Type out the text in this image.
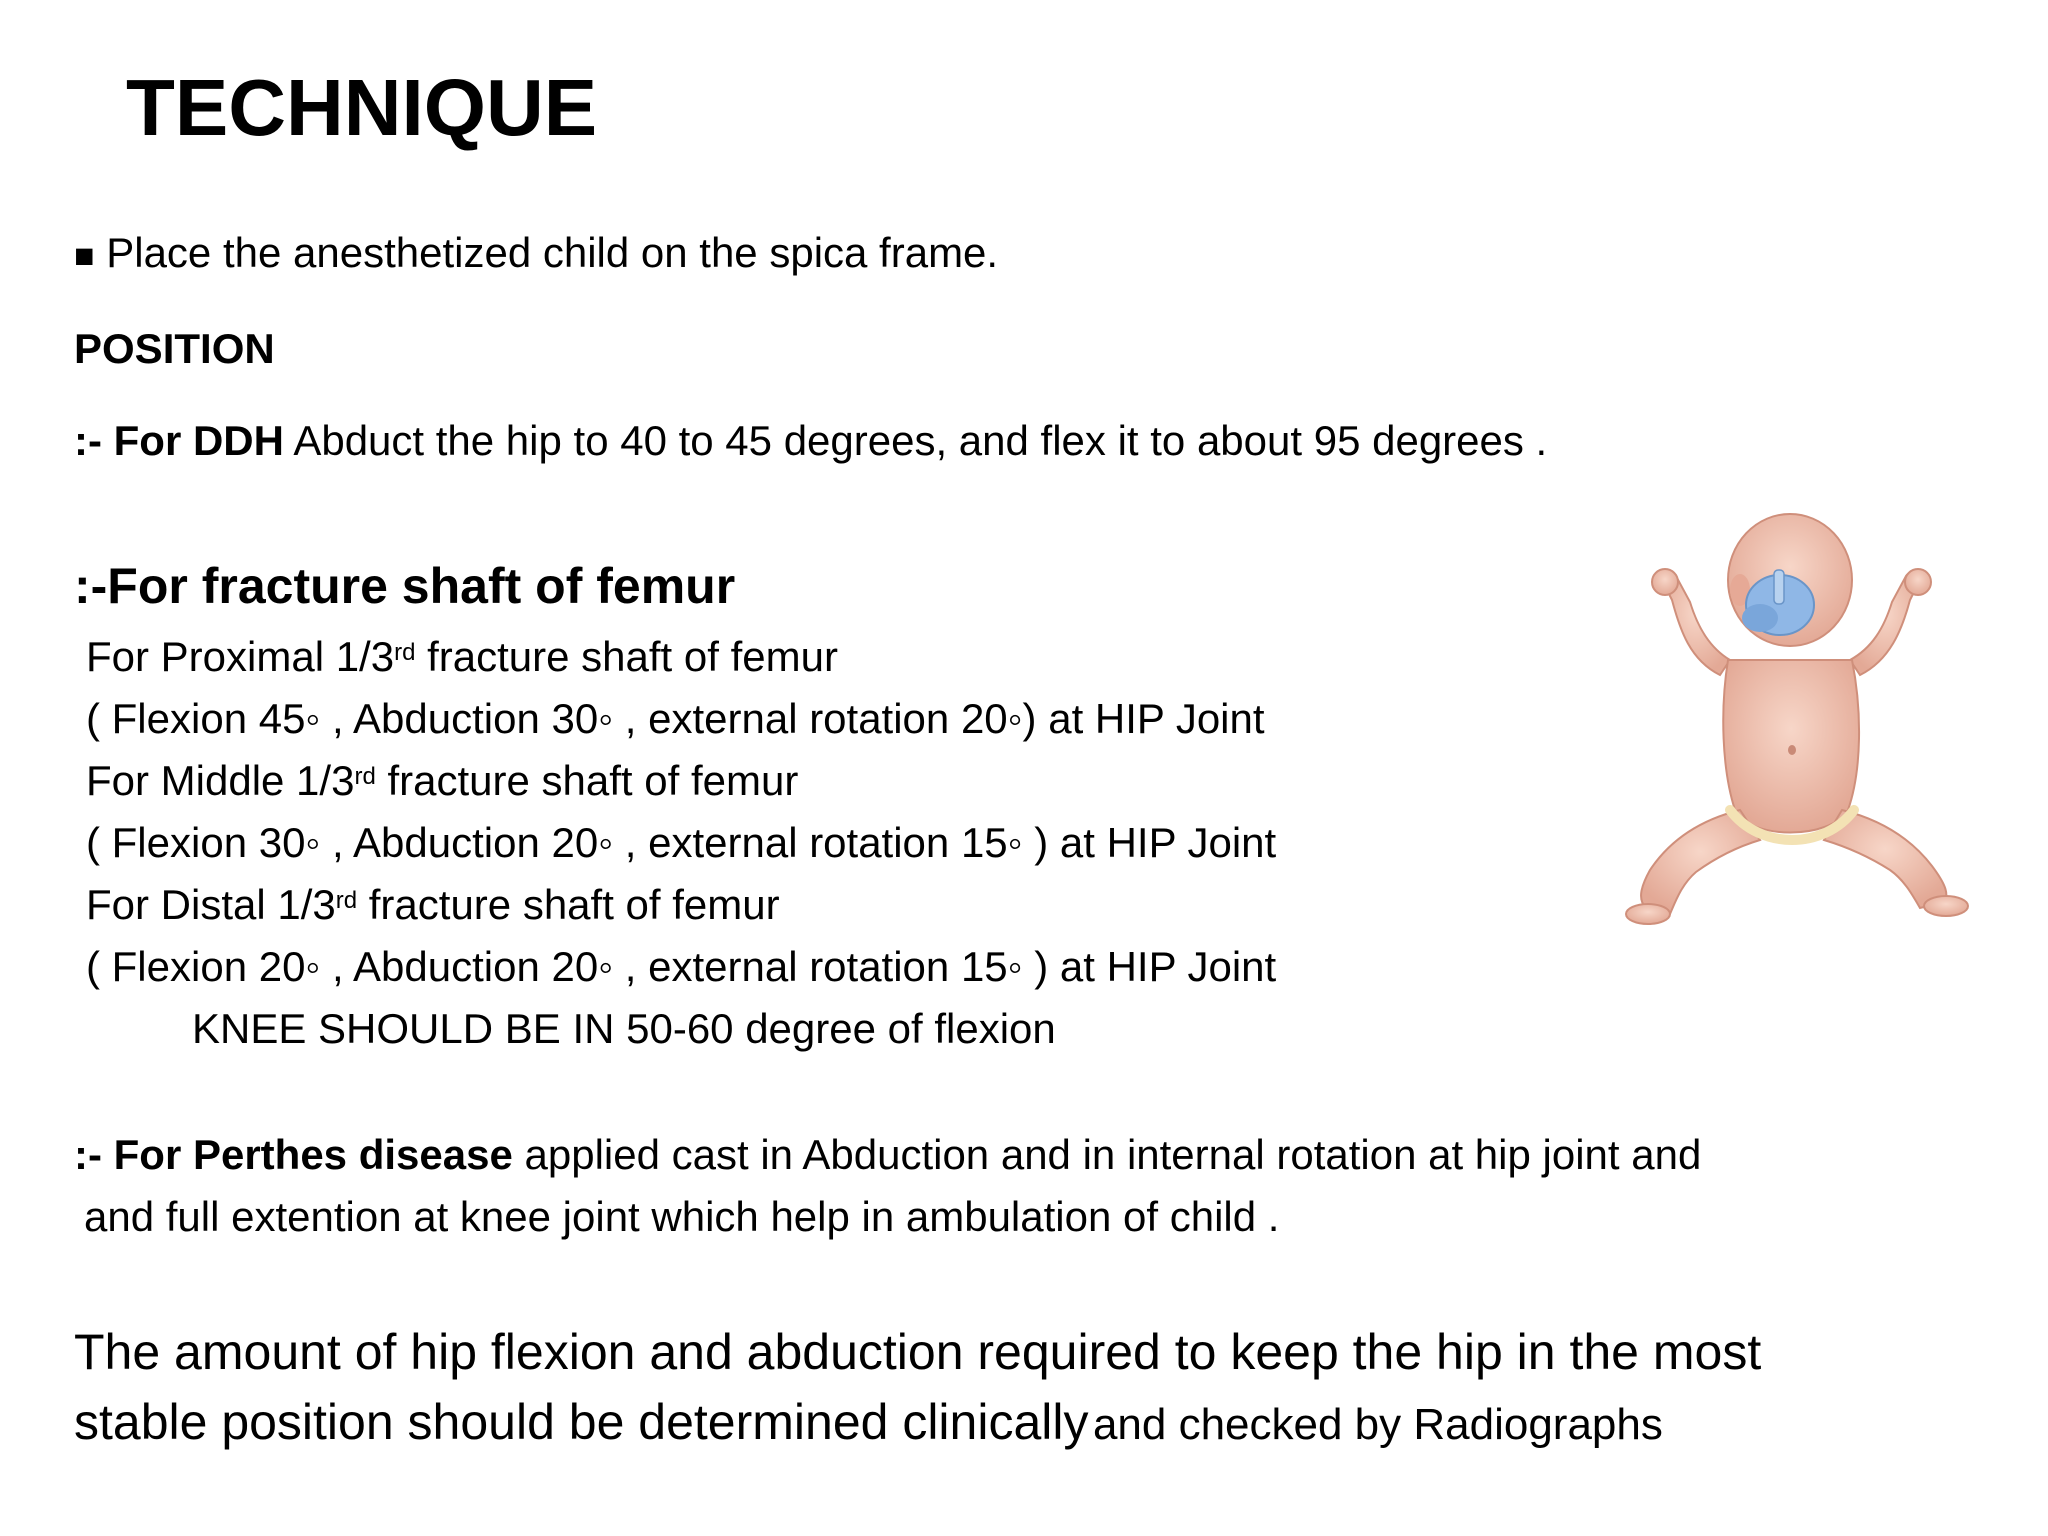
TECHNIQUE
■ Place the anesthetized child on the spica frame.
POSITION
:- For DDH Abduct the hip to 40 to 45 degrees, and flex it to about 95 degrees .
:-For fracture shaft of femur
For Proximal 1/3rd fracture shaft of femur
( Flexion 45◦ , Abduction 30◦ , external rotation 20◦) at HIP Joint
For Middle 1/3rd fracture shaft of femur
( Flexion 30◦ , Abduction 20◦ , external rotation 15◦ ) at HIP Joint
For Distal 1/3rd fracture shaft of femur
( Flexion 20◦ , Abduction 20◦ , external rotation 15◦ ) at HIP Joint
KNEE SHOULD BE IN 50-60 degree of flexion
:- For Perthes disease applied cast in Abduction and in internal rotation at hip joint and
and full extention at knee joint which help in ambulation of child .
The amount of hip flexion and abduction required to keep the hip in the most
stable position should be determined clinically and checked by Radiographs
